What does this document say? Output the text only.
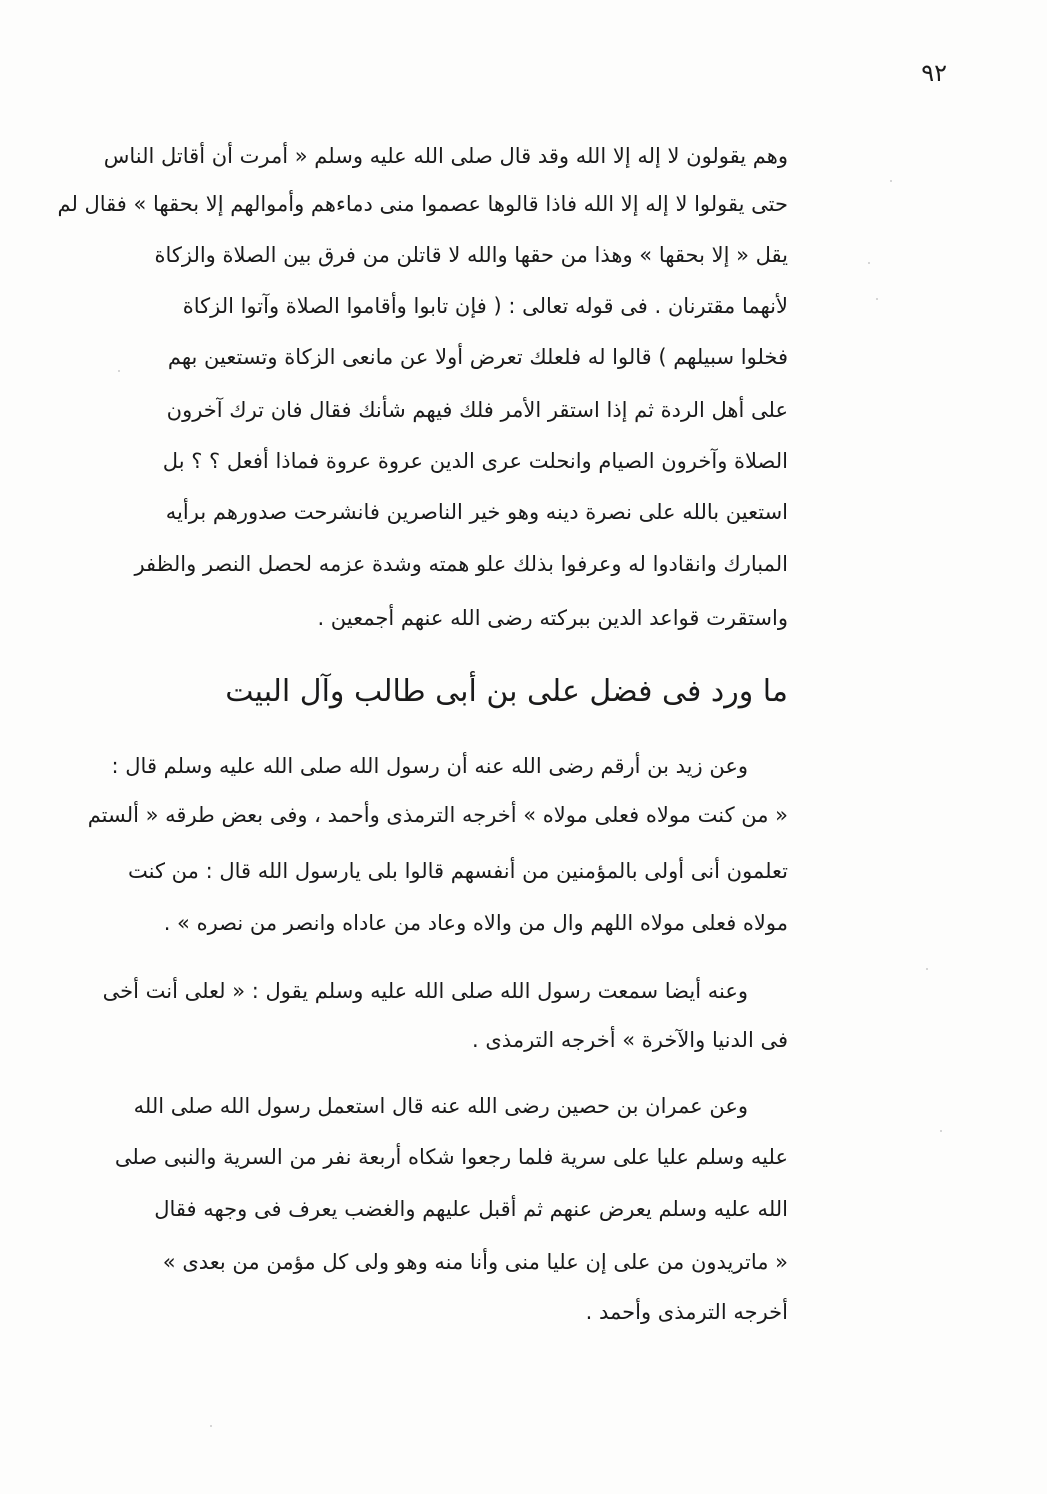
٩٢
وهم يقولون لا إله إلا الله وقد قال صلى الله عليه وسلم « أمرت أن أقاتل الناس
حتى يقولوا لا إله إلا الله فاذا قالوها عصموا منى دماءهم وأموالهم إلا بحقها » فقال لم
يقل « إلا بحقها » وهذا من حقها والله لا قاتلن من فرق بين الصلاة والزكاة
لأنهما مقترنان . فى قوله تعالى : ( فإن تابوا وأقاموا الصلاة وآتوا الزكاة
فخلوا سبيلهم ) قالوا له فلعلك تعرض أولا عن مانعى الزكاة وتستعين بهم
على أهل الردة ثم إذا استقر الأمر فلك فيهم شأنك فقال فان ترك آخرون
الصلاة وآخرون الصيام وانحلت عرى الدين عروة عروة فماذا أفعل ؟ ؟ بل
استعين بالله على نصرة دينه وهو خير الناصرين فانشرحت صدورهم برأيه
المبارك وانقادوا له وعرفوا بذلك علو همته وشدة عزمه لحصل النصر والظفر
واستقرت قواعد الدين ببركته رضى الله عنهم أجمعين .
ما ورد فى فضل على بن أبى طالب وآل البيت
وعن زيد بن أرقم رضى الله عنه أن رسول الله صلى الله عليه وسلم قال :
« من كنت مولاه فعلى مولاه » أخرجه الترمذى وأحمد ، وفى بعض طرقه « ألستم
تعلمون أنى أولى بالمؤمنين من أنفسهم قالوا بلى يارسول الله قال : من كنت
مولاه فعلى مولاه اللهم وال من والاه وعاد من عاداه وانصر من نصره » .
وعنه أيضا سمعت رسول الله صلى الله عليه وسلم يقول : « لعلى أنت أخى
فى الدنيا والآخرة » أخرجه الترمذى .
وعن عمران بن حصين رضى الله عنه قال استعمل رسول الله صلى الله
عليه وسلم عليا على سرية فلما رجعوا شكاه أربعة نفر من السرية والنبى صلى
الله عليه وسلم يعرض عنهم ثم أقبل عليهم والغضب يعرف فى وجهه فقال
« ماتريدون من على إن عليا منى وأنا منه وهو ولى كل مؤمن من بعدى »
أخرجه الترمذى وأحمد .
